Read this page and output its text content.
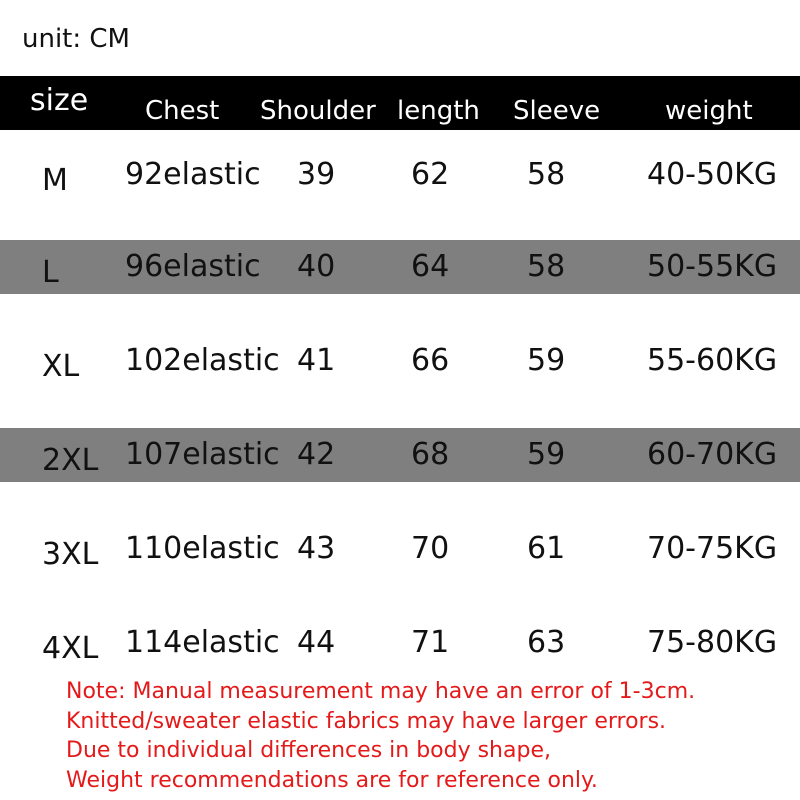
unit: CM
size Chest Shoulder length Sleeve weight
M 92elastic 39	62	58	40-50KG
L 96elastic 40	64	58	50-55KG
XL 102elastic 41	66	59	55-60KG
2XL 107elastic 42	68	59	60-70KG
3XL 110elastic 43	70	61	70-75KG
4XL 114elastic 44	71	63	75-80KG
Note: Manual measurement may have an error of 1-3cm.
Knitted/sweater elastic fabrics may have larger errors.
Due to individual differences in body shape,
Weight recommendations are for reference only.
